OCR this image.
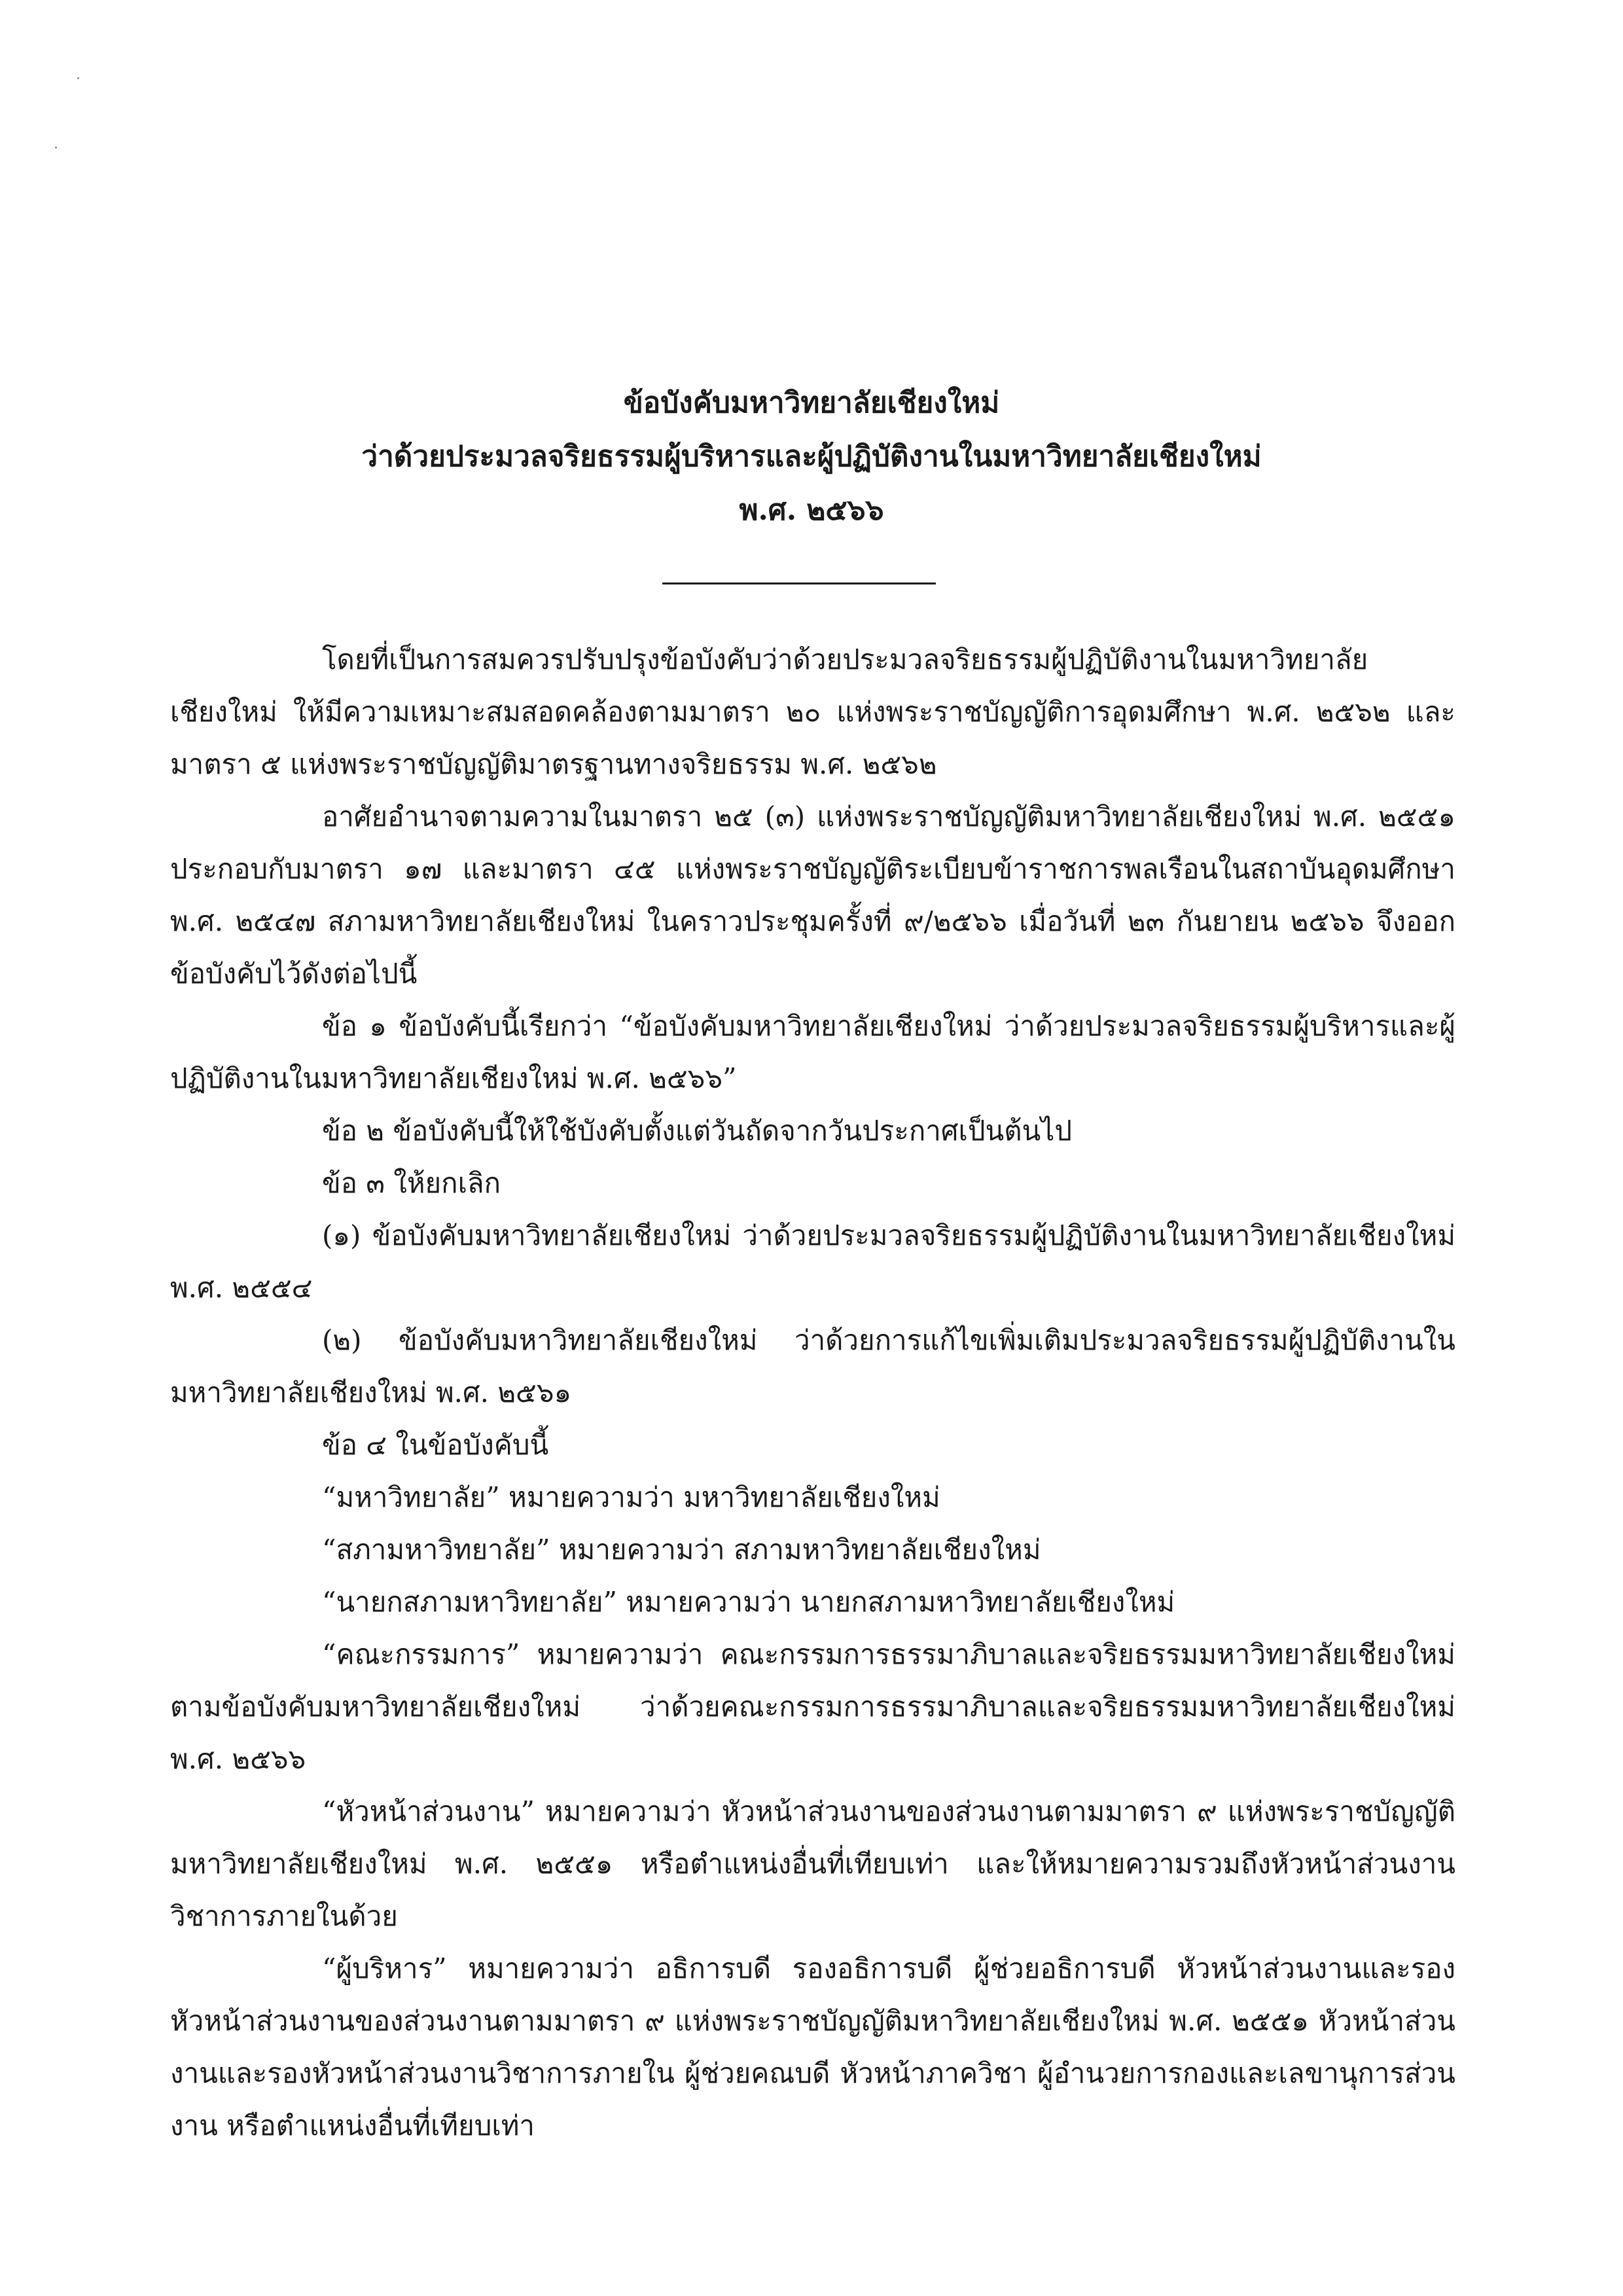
ข้อบังคับมหาวิทยาลัยเชียงใหม่
ว่าด้วยประมวลจริยธรรมผู้บริหารและผู้ปฏิบัติงานในมหาวิทยาลัยเชียงใหม่
พ.ศ. ๒๕๖๖

โดยที่เป็นการสมควรปรับปรุงข้อบังคับว่าด้วยประมวลจริยธรรมผู้ปฏิบัติงานในมหาวิทยาลัยเชียงใหม่ ให้มีความเหมาะสมสอดคล้องตามมาตรา ๒๐ แห่งพระราชบัญญัติการอุดมศึกษา พ.ศ. ๒๕๖๒ และมาตรา ๕ แห่งพระราชบัญญัติมาตรฐานทางจริยธรรม พ.ศ. ๒๕๖๒

อาศัยอำนาจตามความในมาตรา ๒๕ (๓) แห่งพระราชบัญญัติมหาวิทยาลัยเชียงใหม่ พ.ศ. ๒๕๕๑ ประกอบกับมาตรา ๑๗ และมาตรา ๔๕ แห่งพระราชบัญญัติระเบียบข้าราชการพลเรือนในสถาบันอุดมศึกษา พ.ศ. ๒๕๔๗ สภามหาวิทยาลัยเชียงใหม่ ในคราวประชุมครั้งที่ ๙/๒๕๖๖ เมื่อวันที่ ๒๓ กันยายน ๒๕๖๖ จึงออกข้อบังคับไว้ดังต่อไปนี้

ข้อ ๑ ข้อบังคับนี้เรียกว่า “ข้อบังคับมหาวิทยาลัยเชียงใหม่ ว่าด้วยประมวลจริยธรรมผู้บริหารและผู้ปฏิบัติงานในมหาวิทยาลัยเชียงใหม่ พ.ศ. ๒๕๖๖”

ข้อ ๒ ข้อบังคับนี้ให้ใช้บังคับตั้งแต่วันถัดจากวันประกาศเป็นต้นไป

ข้อ ๓ ให้ยกเลิก

(๑) ข้อบังคับมหาวิทยาลัยเชียงใหม่ ว่าด้วยประมวลจริยธรรมผู้ปฏิบัติงานในมหาวิทยาลัยเชียงใหม่ พ.ศ. ๒๕๕๔

(๒) ข้อบังคับมหาวิทยาลัยเชียงใหม่ ว่าด้วยการแก้ไขเพิ่มเติมประมวลจริยธรรมผู้ปฏิบัติงานในมหาวิทยาลัยเชียงใหม่ พ.ศ. ๒๕๖๑

ข้อ ๔ ในข้อบังคับนี้

“มหาวิทยาลัย” หมายความว่า มหาวิทยาลัยเชียงใหม่

“สภามหาวิทยาลัย” หมายความว่า สภามหาวิทยาลัยเชียงใหม่

“นายกสภามหาวิทยาลัย” หมายความว่า นายกสภามหาวิทยาลัยเชียงใหม่

“คณะกรรมการ” หมายความว่า คณะกรรมการธรรมาภิบาลและจริยธรรมมหาวิทยาลัยเชียงใหม่ ตามข้อบังคับมหาวิทยาลัยเชียงใหม่ ว่าด้วยคณะกรรมการธรรมาภิบาลและจริยธรรมมหาวิทยาลัยเชียงใหม่ พ.ศ. ๒๕๖๖

“หัวหน้าส่วนงาน” หมายความว่า หัวหน้าส่วนงานของส่วนงานตามมาตรา ๙ แห่งพระราชบัญญัติมหาวิทยาลัยเชียงใหม่ พ.ศ. ๒๕๕๑ หรือตำแหน่งอื่นที่เทียบเท่า และให้หมายความรวมถึงหัวหน้าส่วนงานวิชาการภายในด้วย

“ผู้บริหาร” หมายความว่า อธิการบดี รองอธิการบดี ผู้ช่วยอธิการบดี หัวหน้าส่วนงานและรองหัวหน้าส่วนงานของส่วนงานตามมาตรา ๙ แห่งพระราชบัญญัติมหาวิทยาลัยเชียงใหม่ พ.ศ. ๒๕๕๑ หัวหน้าส่วนงานและรองหัวหน้าส่วนงานวิชาการภายใน ผู้ช่วยคณบดี หัวหน้าภาควิชา ผู้อำนวยการกองและเลขานุการส่วนงาน หรือตำแหน่งอื่นที่เทียบเท่า
